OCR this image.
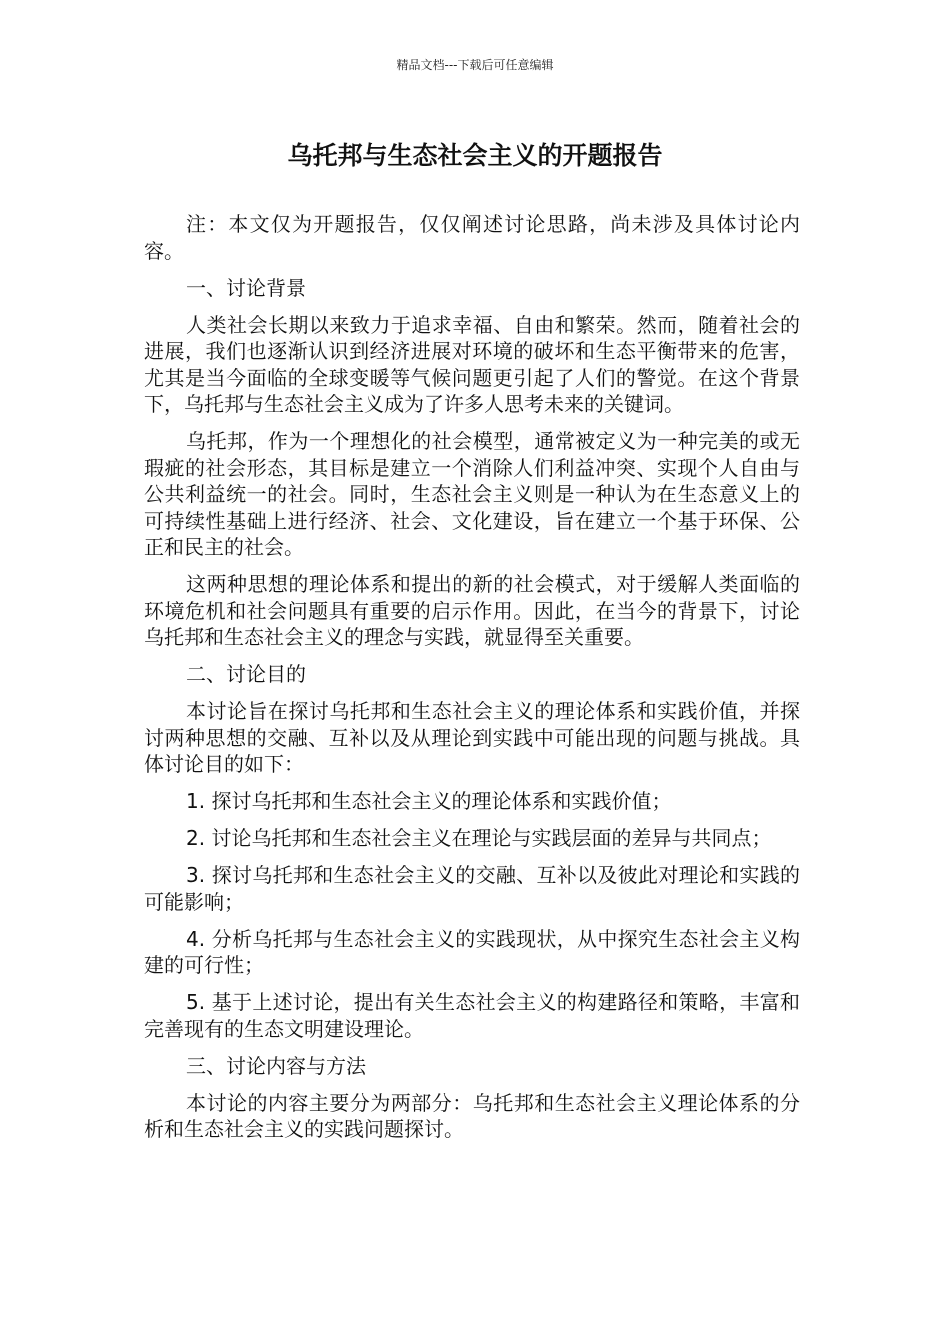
精品文档---下载后可任意编辑
乌托邦与生态社会主义的开题报告

注：本文仅为开题报告，仅仅阐述讨论思路，尚未涉及具体讨论内容。

一、讨论背景

人类社会长期以来致力于追求幸福、自由和繁荣。然而，随着社会的进展，我们也逐渐认识到经济进展对环境的破坏和生态平衡带来的危害，尤其是当今面临的全球变暖等气候问题更引起了人们的警觉。在这个背景下，乌托邦与生态社会主义成为了许多人思考未来的关键词。

乌托邦，作为一个理想化的社会模型，通常被定义为一种完美的或无瑕疵的社会形态，其目标是建立一个消除人们利益冲突、实现个人自由与公共利益统一的社会。同时，生态社会主义则是一种认为在生态意义上的可持续性基础上进行经济、社会、文化建设，旨在建立一个基于环保、公正和民主的社会。

这两种思想的理论体系和提出的新的社会模式，对于缓解人类面临的环境危机和社会问题具有重要的启示作用。因此，在当今的背景下，讨论乌托邦和生态社会主义的理念与实践，就显得至关重要。

二、讨论目的

本讨论旨在探讨乌托邦和生态社会主义的理论体系和实践价值，并探讨两种思想的交融、互补以及从理论到实践中可能出现的问题与挑战。具体讨论目的如下：

1. 探讨乌托邦和生态社会主义的理论体系和实践价值；

2. 讨论乌托邦和生态社会主义在理论与实践层面的差异与共同点；

3. 探讨乌托邦和生态社会主义的交融、互补以及彼此对理论和实践的可能影响；

4. 分析乌托邦与生态社会主义的实践现状，从中探究生态社会主义构建的可行性；

5. 基于上述讨论，提出有关生态社会主义的构建路径和策略，丰富和完善现有的生态文明建设理论。

三、讨论内容与方法

本讨论的内容主要分为两部分：乌托邦和生态社会主义理论体系的分析和生态社会主义的实践问题探讨。
